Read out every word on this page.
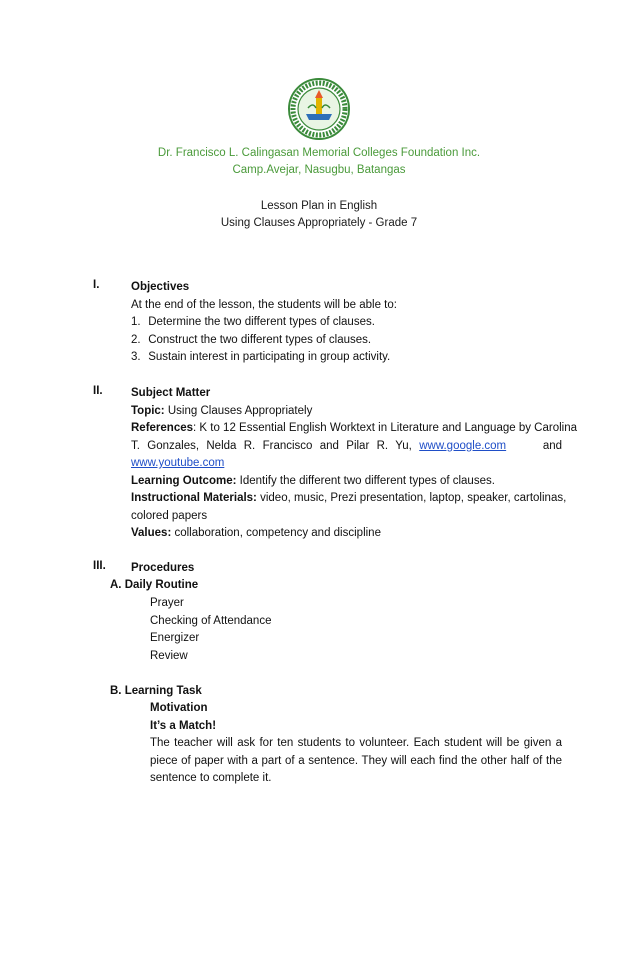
Dr. Francisco L. Calingasan Memorial Colleges Foundation Inc.
Camp.Avejar, Nasugbu, Batangas
Lesson Plan in English
Using Clauses Appropriately - Grade 7
I.	Objectives
At the end of the lesson, the students will be able to:
1. Determine the two different types of clauses.
2. Construct the two different types of clauses.
3. Sustain interest in participating in group activity.
II. Subject Matter
Topic: Using Clauses Appropriately
References: K to 12 Essential English Worktext in Literature and Language by Carolina
T. Gonzales, Nelda R. Francisco and Pilar R. Yu, www.google.com	and
www.youtube.com
Learning Outcome: Identify the different two different types of clauses.
Instructional Materials: video, music, Prezi presentation, laptop, speaker, cartolinas,
colored papers
Values: collaboration, competency and discipline
III. Procedures
A. Daily Routine
Prayer
Checking of Attendance
Energizer
Review
B. Learning Task
Motivation
It’s a Match!
The teacher will ask for ten students to volunteer. Each student will be given a
piece of paper with a part of a sentence. They will each find the other half of the
sentence to complete it.
